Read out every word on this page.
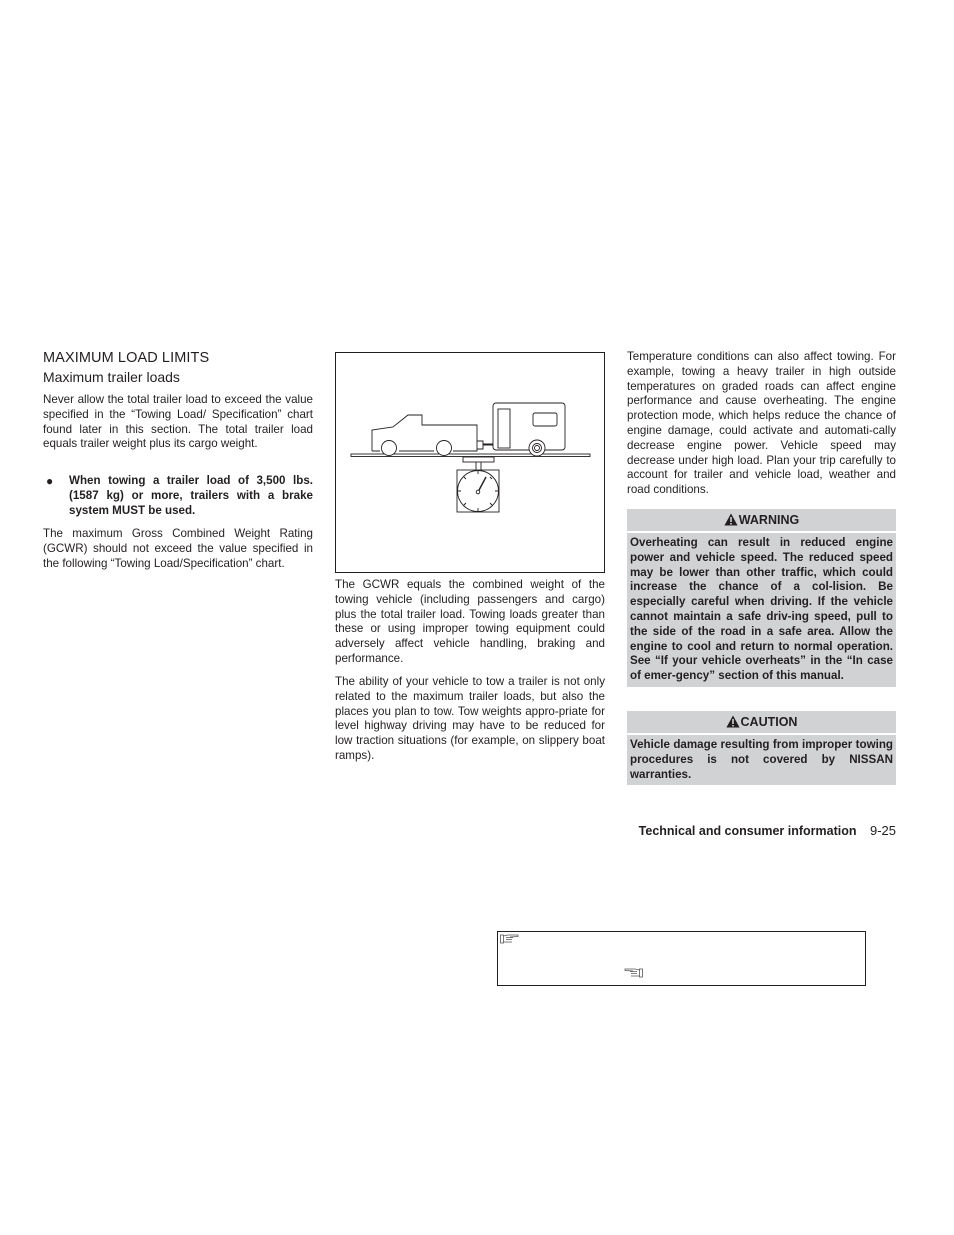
MAXIMUM LOAD LIMITS
Maximum trailer loads

Never allow the total trailer load to exceed the value specified in the “Towing Load/ Specification” chart found later in this section. The total trailer load equals trailer weight plus its cargo weight.

● When towing a trailer load of 3,500 lbs. (1587 kg) or more, trailers with a brake system MUST be used.

The maximum Gross Combined Weight Rating (GCWR) should not exceed the value specified in the following “Towing Load/Specification” chart.

The GCWR equals the combined weight of the towing vehicle (including passengers and cargo) plus the total trailer load. Towing loads greater than these or using improper towing equipment could adversely affect vehicle handling, braking and performance.

The ability of your vehicle to tow a trailer is not only related to the maximum trailer loads, but also the places you plan to tow. Tow weights appro-priate for level highway driving may have to be reduced for low traction situations (for example, on slippery boat ramps).

Temperature conditions can also affect towing. For example, towing a heavy trailer in high outside temperatures on graded roads can affect engine performance and cause overheating. The engine protection mode, which helps reduce the chance of engine damage, could activate and automati-cally decrease engine power. Vehicle speed may decrease under high load. Plan your trip carefully to account for trailer and vehicle load, weather and road conditions.

WARNING
Overheating can result in reduced engine power and vehicle speed. The reduced speed may be lower than other traffic, which could increase the chance of a col-lision. Be especially careful when driving. If the vehicle cannot maintain a safe driv-ing speed, pull to the side of the road in a safe area. Allow the engine to cool and return to normal operation. See “If your vehicle overheats” in the “In case of emer-gency” section of this manual.
CAUTION
Vehicle damage resulting from improper towing procedures is not covered by NISSAN warranties.
Technical and consumer information 9-25
